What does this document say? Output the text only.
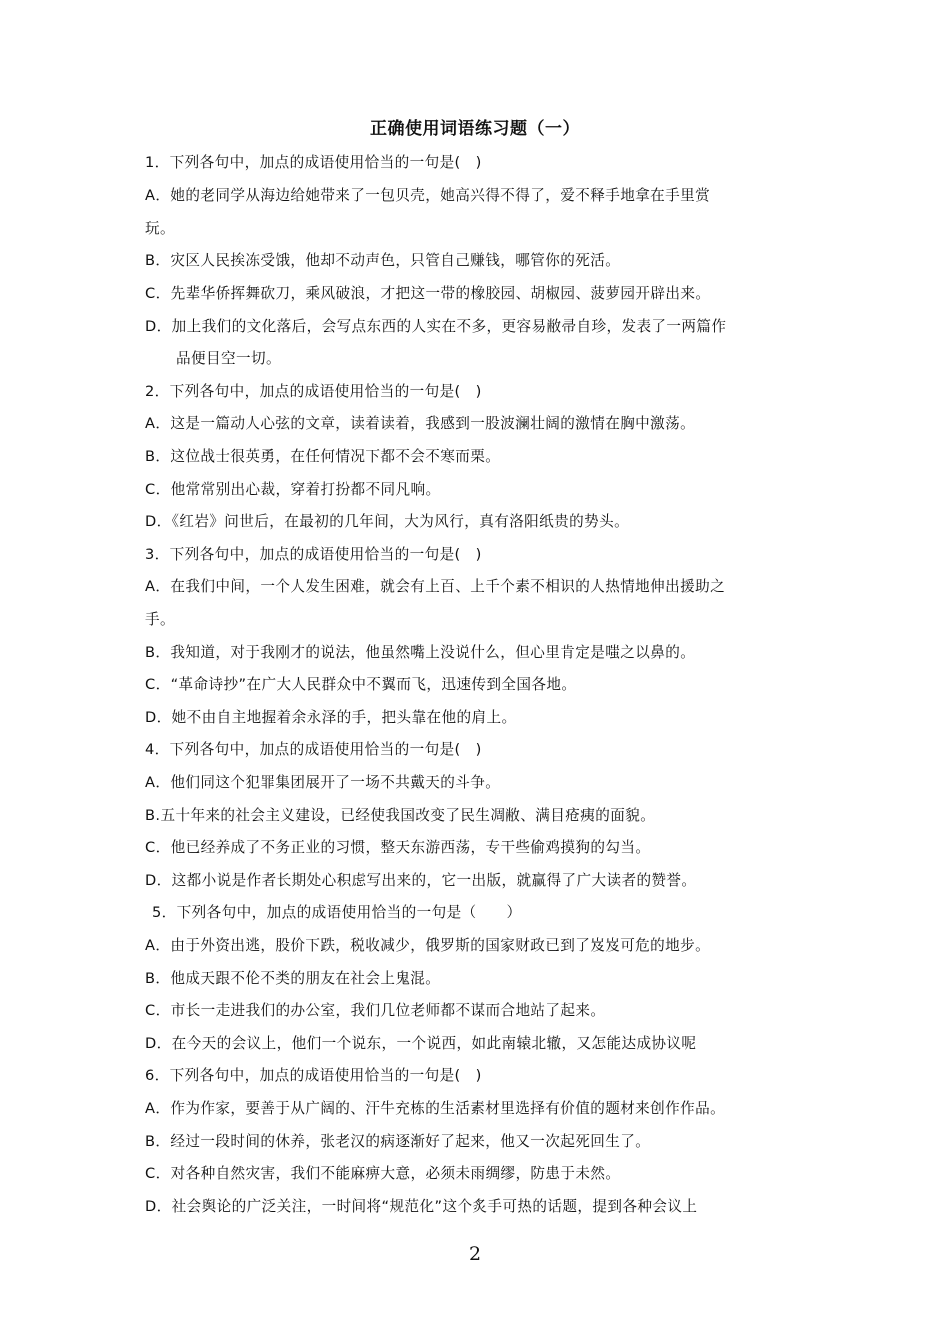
正确使用词语练习题（一）
1．下列各句中，加点的成语使用恰当的一句是(　)
A．她的老同学从海边给她带来了一包贝壳，她高兴得不得了，爱不释手地拿在手里赏
玩。
B．灾区人民挨冻受饿，他却不动声色，只管自己赚钱，哪管你的死活。
C．先辈华侨挥舞砍刀，乘风破浪，才把这一带的橡胶园、胡椒园、菠萝园开辟出来。
D．加上我们的文化落后，会写点东西的人实在不多，更容易敝帚自珍，发表了一两篇作
品便目空一切。
2．下列各句中，加点的成语使用恰当的一句是(　)
A．这是一篇动人心弦的文章，读着读着，我感到一股波澜壮阔的激情在胸中激荡。
B．这位战士很英勇，在任何情况下都不会不寒而栗。
C．他常常别出心裁，穿着打扮都不同凡响。
D．《红岩》问世后，在最初的几年间，大为风行，真有洛阳纸贵的势头。
3．下列各句中，加点的成语使用恰当的一句是(　)
A．在我们中间，一个人发生困难，就会有上百、上千个素不相识的人热情地伸出援助之
手。
B．我知道，对于我刚才的说法，他虽然嘴上没说什么，但心里肯定是嗤之以鼻的。
C．“革命诗抄”在广大人民群众中不翼而飞，迅速传到全国各地。
D．她不由自主地握着余永泽的手，把头靠在他的肩上。
4．下列各句中，加点的成语使用恰当的一句是(　)
A．他们同这个犯罪集团展开了一场不共戴天的斗争。
B.五十年来的社会主义建设，已经使我国改变了民生凋敝、满目疮痍的面貌。
C．他已经养成了不务正业的习惯，整天东游西荡，专干些偷鸡摸狗的勾当。
D．这都小说是作者长期处心积虑写出来的，它一出版，就赢得了广大读者的赞誉。
5．下列各句中，加点的成语使用恰当的一句是（　　）
A．由于外资出逃，股价下跌，税收减少，俄罗斯的国家财政已到了岌岌可危的地步。
B．他成天跟不伦不类的朋友在社会上鬼混。
C．市长一走进我们的办公室，我们几位老师都不谋而合地站了起来。
D．在今天的会议上，他们一个说东，一个说西，如此南辕北辙，又怎能达成协议呢
6．下列各句中，加点的成语使用恰当的一句是(　)
A．作为作家，要善于从广阔的、汗牛充栋的生活素材里选择有价值的题材来创作作品。
B．经过一段时间的休养，张老汉的病逐渐好了起来，他又一次起死回生了。
C．对各种自然灾害，我们不能麻痹大意，必须未雨绸缪，防患于未然。
D．社会舆论的广泛关注，一时间将“规范化”这个炙手可热的话题，提到各种会议上
2
